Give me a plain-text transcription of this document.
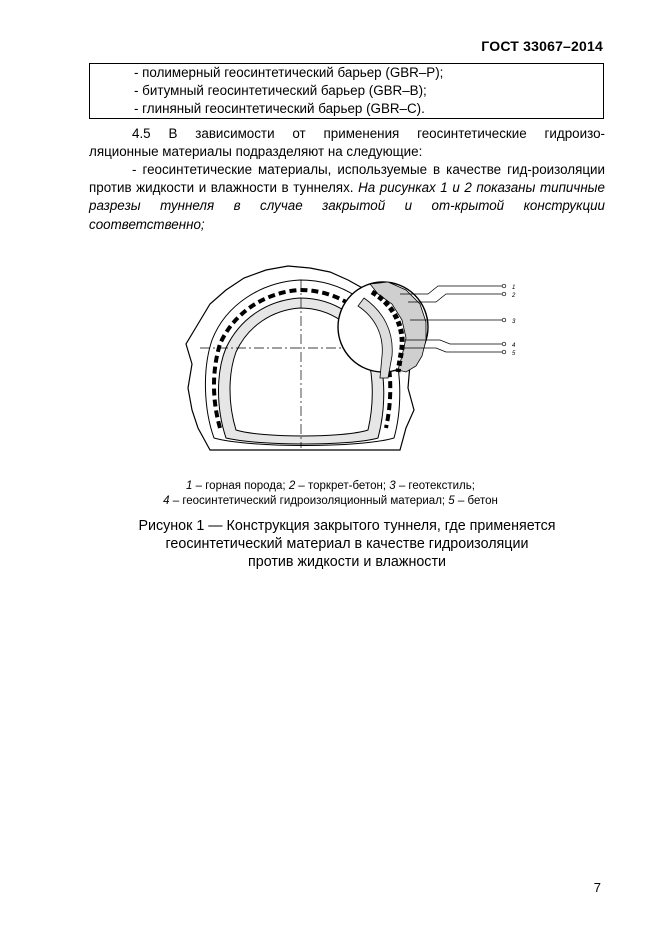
ГОСТ 33067–2014
- полимерный геосинтетический барьер (GBR–P);
- битумный геосинтетический барьер (GBR–B);
- глиняный геосинтетический барьер (GBR–C).
4.5 В зависимости от применения геосинтетические гидроизо-
ляционные материалы подразделяют на следующие:
- геосинтетические материалы, используемые в качестве гид-роизоляции против жидкости и влажности в туннелях. На рисунках 1 и 2 показаны типичные разрезы туннеля в случае закрытой и от-крытой конструкции соответственно;
1
2
3
4
5
1 – горная порода; 2 – торкрет-бетон; 3 – геотекстиль;
4 – геосинтетический гидроизоляционный материал; 5 – бетон
Рисунок 1 — Конструкция закрытого туннеля, где применяется
геосинтетический материал в качестве гидроизоляции
против жидкости и влажности
7
